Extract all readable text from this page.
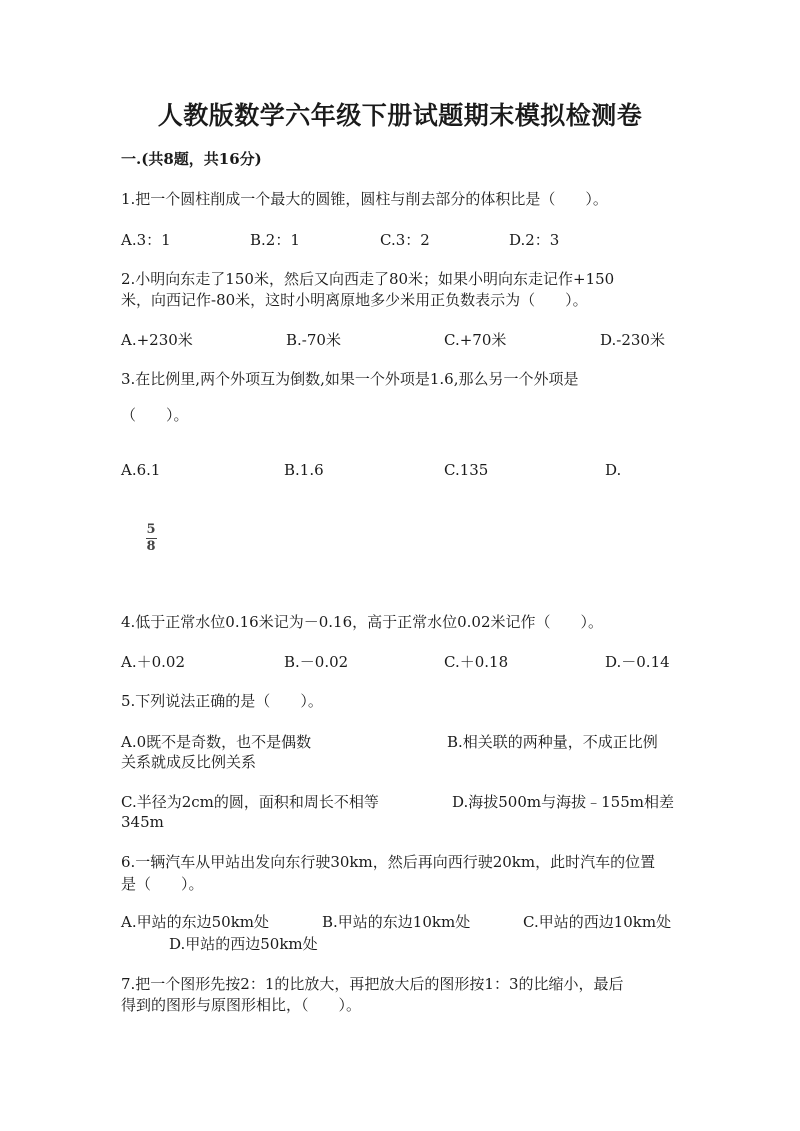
人教版数学六年级下册试题期末模拟检测卷
一.(共8题，共16分)
1.把一个圆柱削成一个最大的圆锥，圆柱与削去部分的体积比是（　　）。
A.3：1	B.2：1	C.3：2	D.2：3
2.小明向东走了150米，然后又向西走了80米；如果小明向东走记作+150
米，向西记作-80米，这时小明离原地多少米用正负数表示为（　　）。
A.+230米	B.-70米	C.+70米	D.-230米
3.在比例里,两个外项互为倒数,如果一个外项是1.6,那么另一个外项是
（　　）。
A.6.1	B.1.6	C.135	D.
5
8
4.低于正常水位0.16米记为－0.16，高于正常水位0.02米记作（　　）。
A.＋0.02	B.－0.02	C.＋0.18	D.－0.14
5.下列说法正确的是（　　）。
A.0既不是奇数，也不是偶数	B.相关联的两种量，不成正比例
关系就成反比例关系
C.半径为2cm的圆，面积和周长不相等	D.海拔500m与海拔﹣155m相差
345m
6.一辆汽车从甲站出发向东行驶30km，然后再向西行驶20km，此时汽车的位置
是（　　）。
A.甲站的东边50km处	B.甲站的东边10km处	C.甲站的西边10km处
D.甲站的西边50km处
7.把一个图形先按2：1的比放大，再把放大后的图形按1：3的比缩小，最后
得到的图形与原图形相比，（　　）。
